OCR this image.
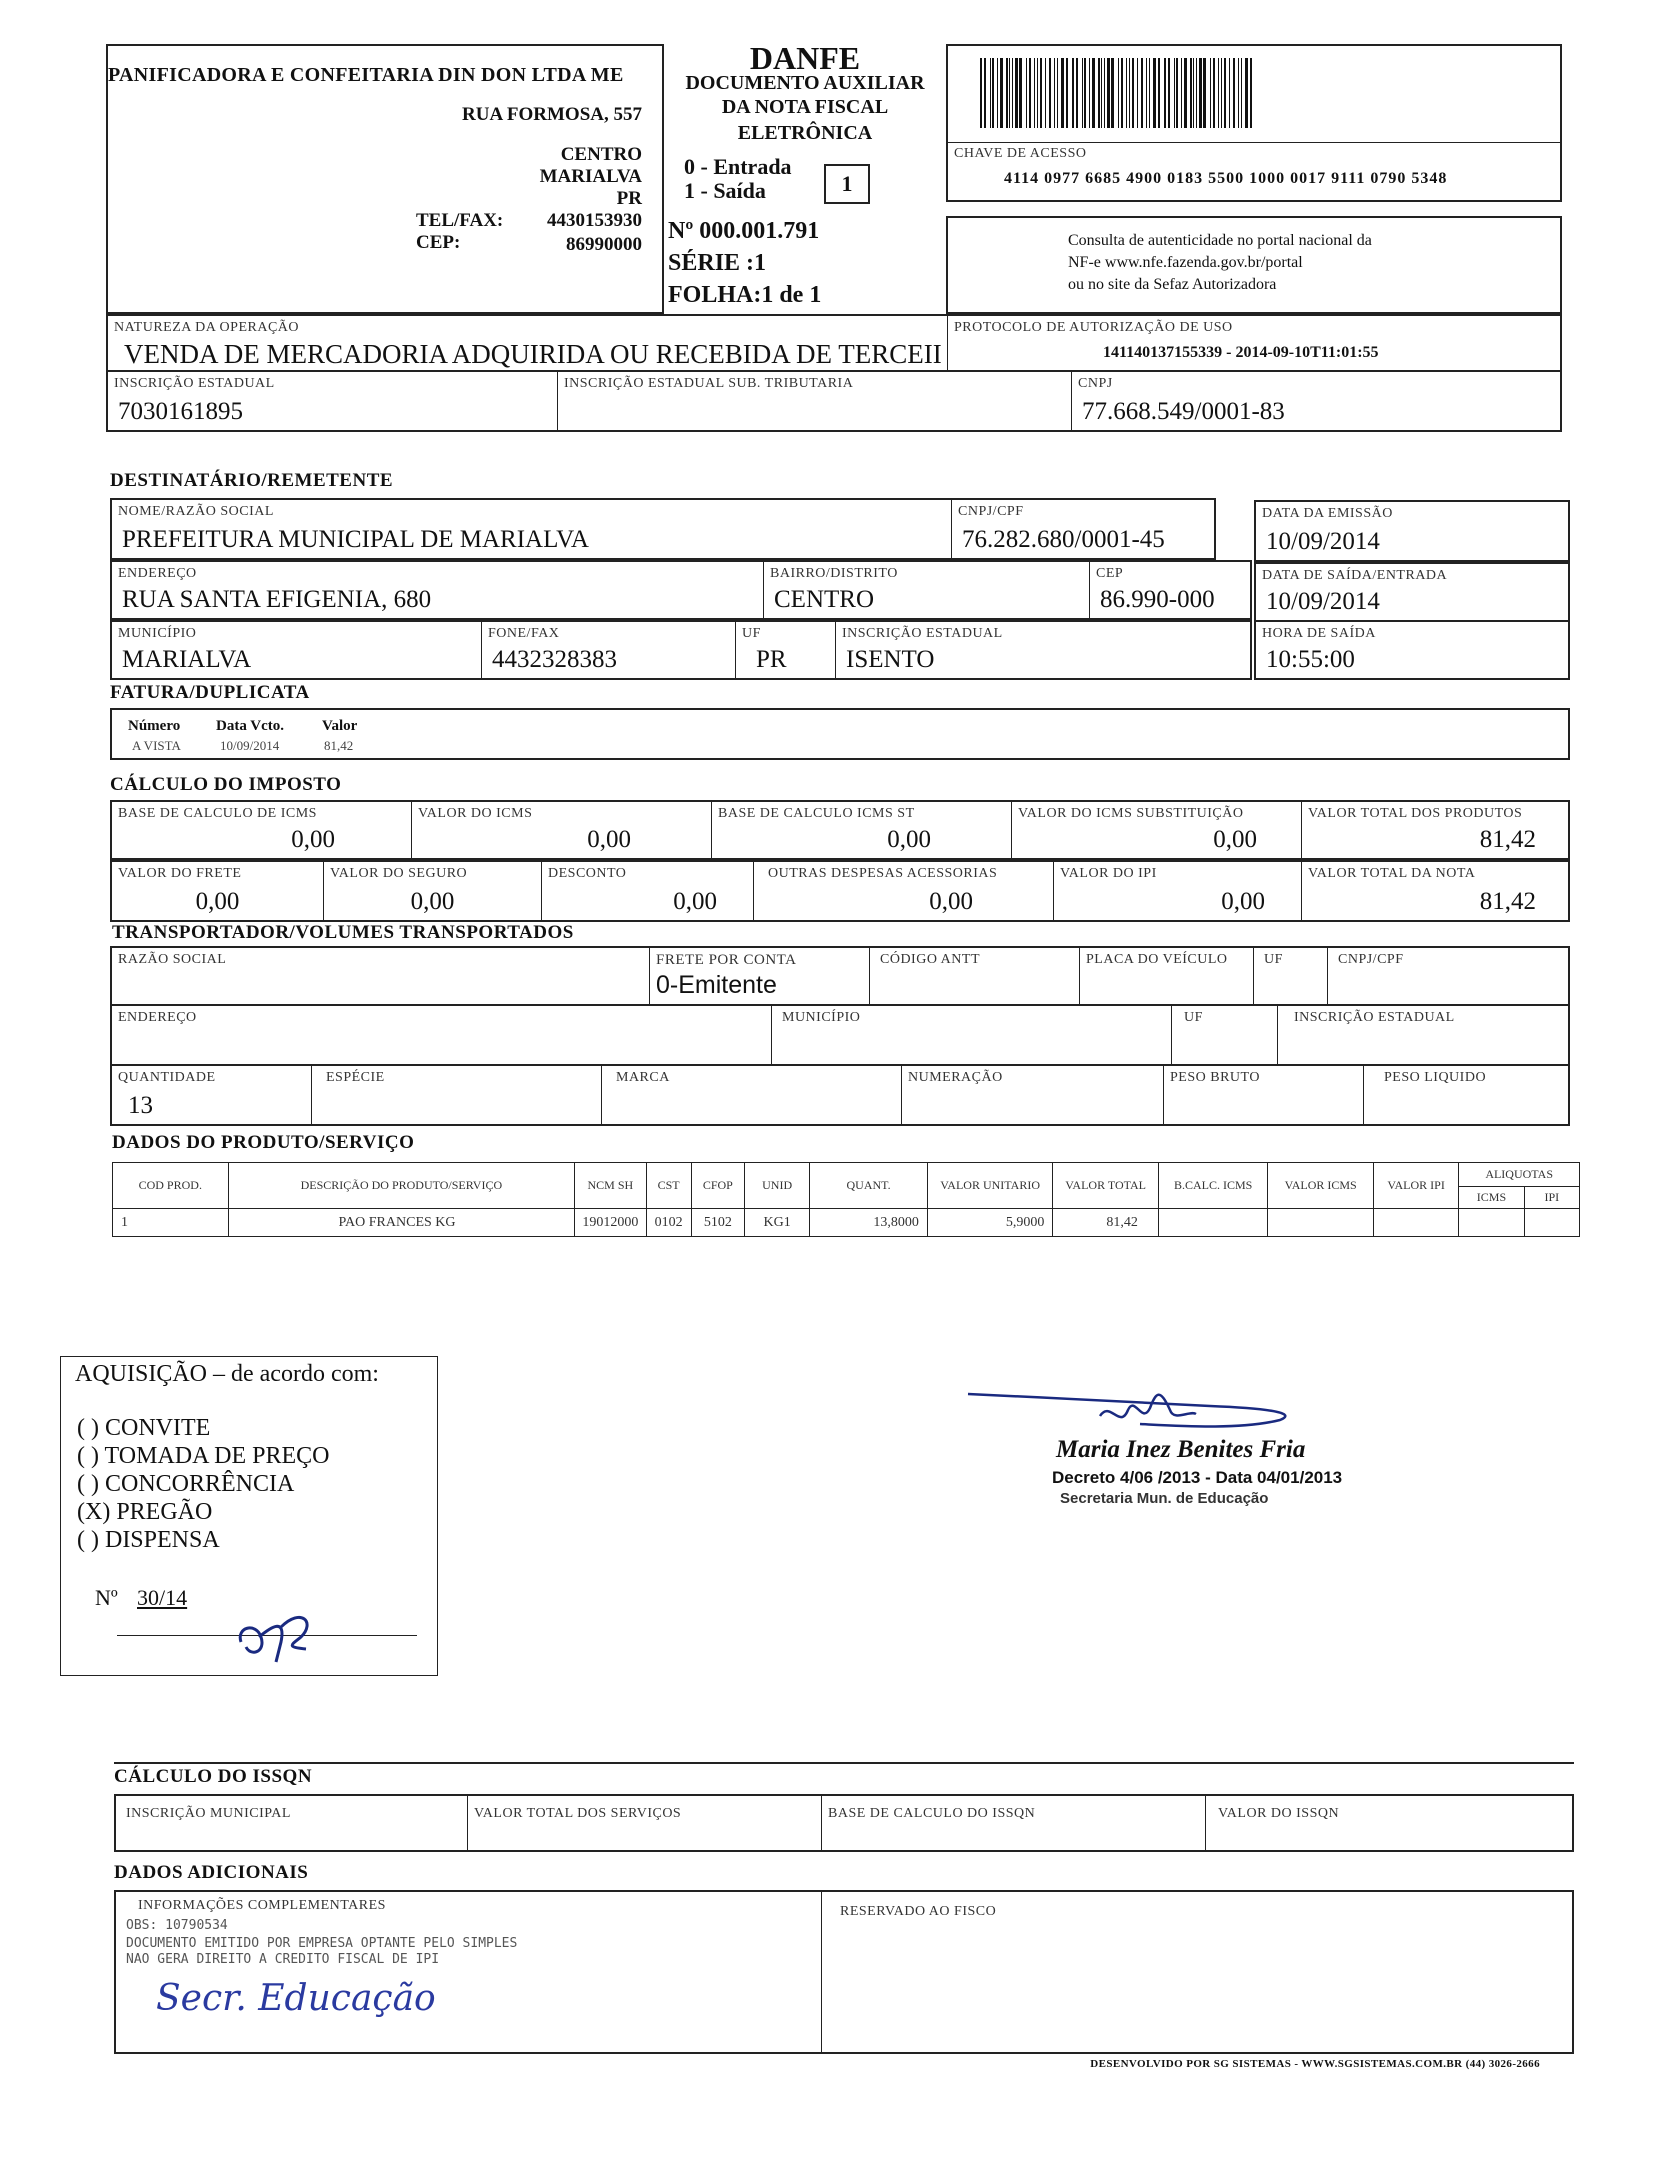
PANIFICADORA E CONFEITARIA DIN DON LTDA ME
RUA FORMOSA, 557
CENTRO
MARIALVA
PR
TEL/FAX: 4430153930
CEP:	86990000
DANFE
DOCUMENTO AUXILIAR
DA NOTA FISCAL
ELETRÔNICA
0 - Entrada
1 - Saída	1
Nº 000.001.791
SÉRIE :1
FOLHA:1 de 1
CHAVE DE ACESSO
4114 0977 6685 4900 0183 5500 1000 0017 9111 0790 5348
Consulta de autenticidade no portal nacional da
NF-e www.nfe.fazenda.gov.br/portal
ou no site da Sefaz Autorizadora
NATUREZA DA OPERAÇÃO
VENDA DE MERCADORIA ADQUIRIDA OU RECEBIDA DE TERCEII
PROTOCOLO DE AUTORIZAÇÃO DE USO
141140137155339 - 2014-09-10T11:01:55
INSCRIÇÃO ESTADUAL
7030161895
INSCRIÇÃO ESTADUAL SUB. TRIBUTARIA	CNPJ
77.668.549/0001-83
DESTINATÁRIO/REMETENTE
NOME/RAZÃO SOCIAL
PREFEITURA MUNICIPAL DE MARIALVA
CNPJ/CPF
76.282.680/0001-45
DATA DA EMISSÃO
10/09/2014
ENDEREÇO
RUA SANTA EFIGENIA, 680
BAIRRO/DISTRITO
CENTRO
CEP
86.990-000
DATA DE SAÍDA/ENTRADA
10/09/2014
MUNICÍPIO
MARIALVA
FONE/FAX
4432328383
UF
PR
INSCRIÇÃO ESTADUAL
ISENTO
HORA DE SAÍDA
10:55:00
FATURA/DUPLICATA
Número Data Vcto.	Valor
A VISTA	10/09/2014	81,42
CÁLCULO DO IMPOSTO
BASE DE CALCULO DE ICMS
0,00
VALOR DO ICMS
0,00
BASE DE CALCULO ICMS ST
0,00
VALOR DO ICMS SUBSTITUIÇÃO
0,00
VALOR TOTAL DOS PRODUTOS
81,42
VALOR DO FRETE
0,00
VALOR DO SEGURO
0,00
DESCONTO
0,00
OUTRAS DESPESAS ACESSORIAS
0,00
VALOR DO IPI
0,00
VALOR TOTAL DA NOTA
81,42
TRANSPORTADOR/VOLUMES TRANSPORTADOS
RAZÃO SOCIAL	FRETE POR CONTA
0-Emitente
CÓDIGO ANTT	PLACA DO VEÍCULO	UF	CNPJ/CPF
ENDEREÇO	MUNICÍPIO	UF	INSCRIÇÃO ESTADUAL
QUANTIDADE
13
ESPÉCIE	MARCA	NUMERAÇÃO	PESO BRUTO	PESO LIQUIDO
DADOS DO PRODUTO/SERVIÇO
COD PROD.	DESCRIÇÃO DO PRODUTO/SERVIÇO	NCM SH	CST	CFOP	UNID	QUANT.	VALOR UNITARIO	VALOR TOTAL	B.CALC. ICMS	VALOR ICMS	VALOR IPI	ALIQUOTAS	
												ICMS	IPI
1	PAO FRANCES KG	19012000	0102	5102	KG1	13,8000	5,9000	81,42					
AQUISIÇÃO – de acordo com:
( ) CONVITE
( ) TOMADA DE PREÇO
( ) CONCORRÊNCIA
(X) PREGÃO
( ) DISPENSA
Nº 30/14
Maria Inez Benites Fria
Decreto 4/06 /2013 - Data 04/01/2013
Secretaria Mun. de Educação
CÁLCULO DO ISSQN
INSCRIÇÃO MUNICIPAL	VALOR TOTAL DOS SERVIÇOS	BASE DE CALCULO DO ISSQN	VALOR DO ISSQN
DADOS ADICIONAIS
INFORMAÇÕES COMPLEMENTARES
OBS: 10790534
DOCUMENTO EMITIDO POR EMPRESA OPTANTE PELO SIMPLES
NAO GERA DIREITO A CREDITO FISCAL DE IPI
Secr. Educação
RESERVADO AO FISCO
DESENVOLVIDO POR SG SISTEMAS - WWW.SGSISTEMAS.COM.BR (44) 3026-2666
